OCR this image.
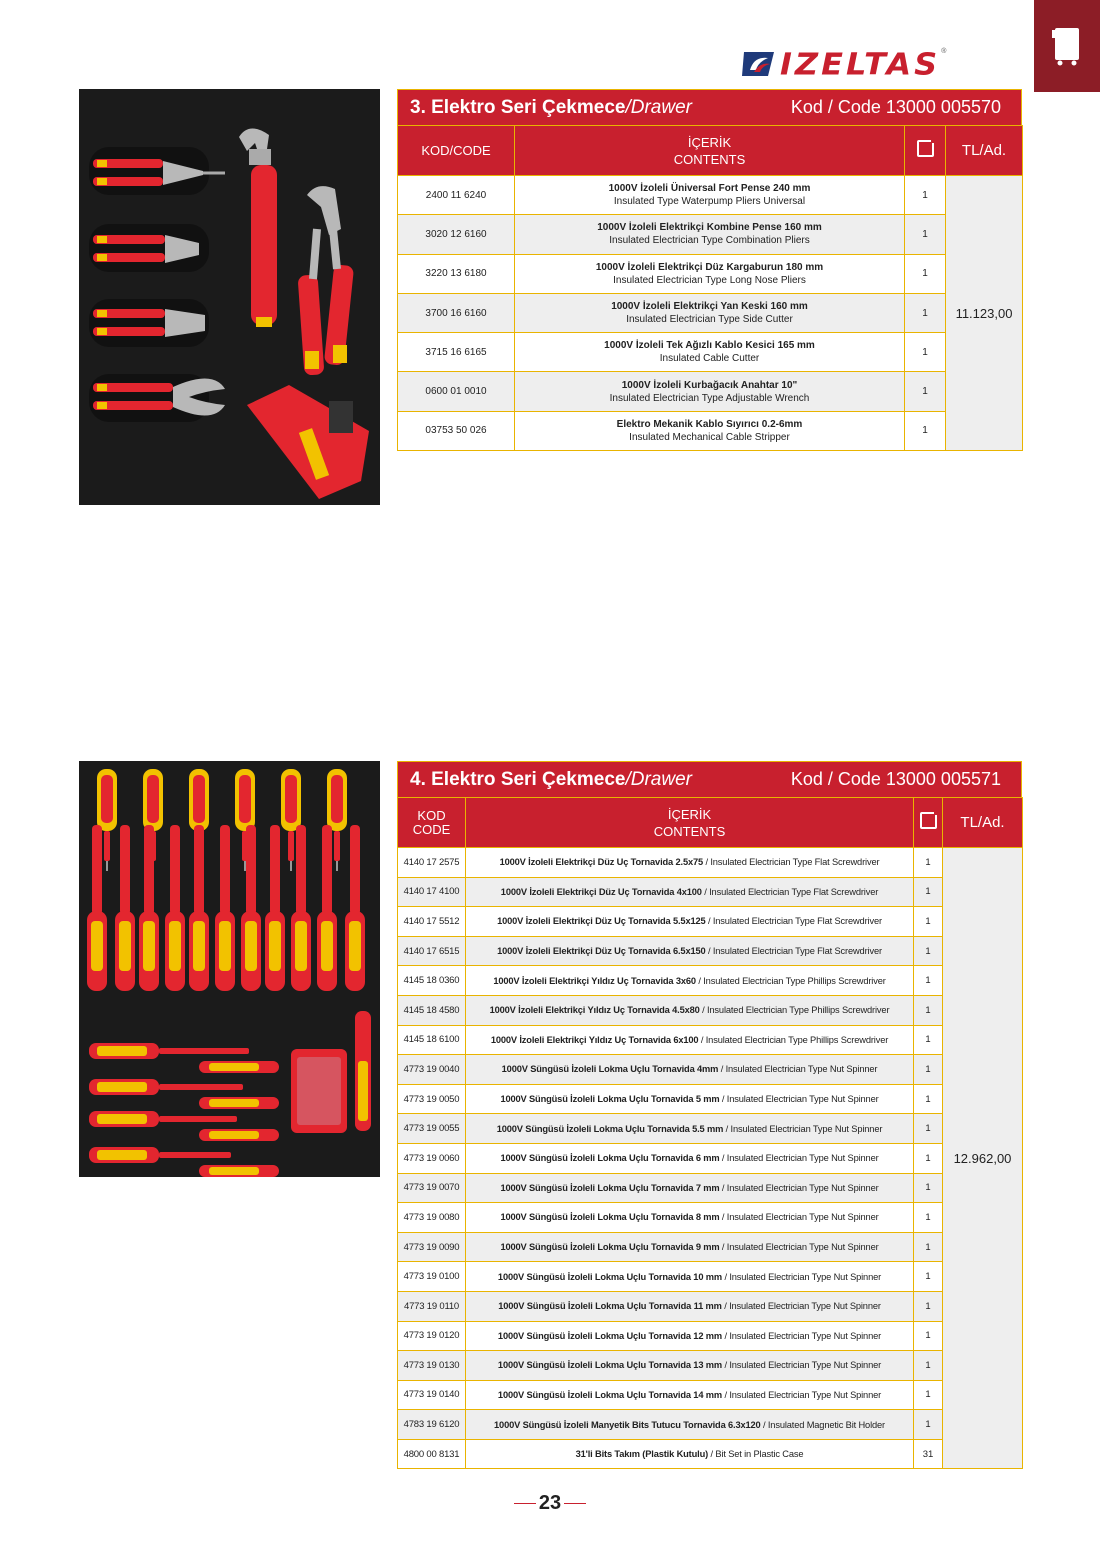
IZELTAS ®
3. Elektro Seri Çekmece/Drawer	Kod / Code 13000 005570
KOD/CODE	İÇERİK
CONTENTS		TL/Ad.
2400 11 6240	1000V İzoleli Üniversal Fort Pense 240 mm
Insulated Type Waterpump Pliers Universal	1	11.123,00
3020 12 6160	1000V İzoleli Elektrikçi Kombine Pense 160 mm
Insulated Electrician Type Combination Pliers	1	
3220 13 6180	1000V İzoleli Elektrikçi Düz Kargaburun 180 mm
Insulated Electrician Type Long Nose Pliers	1	
3700 16 6160	1000V İzoleli Elektrikçi Yan Keski 160 mm
Insulated Electrician Type Side Cutter	1	
3715 16 6165	1000V İzoleli Tek Ağızlı Kablo Kesici 165 mm
Insulated Cable Cutter	1	
0600 01 0010	1000V İzoleli Kurbağacık Anahtar 10"
Insulated Electrician Type Adjustable Wrench	1	
03753 50 026	Elektro Mekanik Kablo Sıyırıcı 0.2-6mm
Insulated Mechanical Cable Stripper	1	
4. Elektro Seri Çekmece/Drawer	Kod / Code 13000 005571
KOD
CODE	İÇERİK
CONTENTS		TL/Ad.
4140 17 2575	1000V İzoleli Elektrikçi Düz Uç Tornavida 2.5x75 / Insulated Electrician Type Flat Screwdriver	1	12.962,00
4140 17 4100	1000V İzoleli Elektrikçi Düz Uç Tornavida 4x100 / Insulated Electrician Type Flat Screwdriver	1	
4140 17 5512	1000V İzoleli Elektrikçi Düz Uç Tornavida 5.5x125 / Insulated Electrician Type Flat Screwdriver	1	
4140 17 6515	1000V İzoleli Elektrikçi Düz Uç Tornavida 6.5x150 / Insulated Electrician Type Flat Screwdriver	1	
4145 18 0360	1000V İzoleli Elektrikçi Yıldız Uç Tornavida 3x60 / Insulated Electrician Type Phillips Screwdriver	1	
4145 18 4580	1000V İzoleli Elektrikçi Yıldız Uç Tornavida 4.5x80 / Insulated Electrician Type Phillips Screwdriver	1	
4145 18 6100	1000V İzoleli Elektrikçi Yıldız Uç Tornavida 6x100 / Insulated Electrician Type Phillips Screwdriver	1	
4773 19 0040	1000V Süngüsü İzoleli Lokma Uçlu Tornavida 4mm / Insulated Electrician Type Nut Spinner	1	
4773 19 0050	1000V Süngüsü İzoleli Lokma Uçlu Tornavida 5 mm / Insulated Electrician Type Nut Spinner	1	
4773 19 0055	1000V Süngüsü İzoleli Lokma Uçlu Tornavida 5.5 mm / Insulated Electrician Type Nut Spinner	1	
4773 19 0060	1000V Süngüsü İzoleli Lokma Uçlu Tornavida 6 mm / Insulated Electrician Type Nut Spinner	1	
4773 19 0070	1000V Süngüsü İzoleli Lokma Uçlu Tornavida 7 mm / Insulated Electrician Type Nut Spinner	1	
4773 19 0080	1000V Süngüsü İzoleli Lokma Uçlu Tornavida 8 mm / Insulated Electrician Type Nut Spinner	1	
4773 19 0090	1000V Süngüsü İzoleli Lokma Uçlu Tornavida 9 mm / Insulated Electrician Type Nut Spinner	1	
4773 19 0100	1000V Süngüsü İzoleli Lokma Uçlu Tornavida 10 mm / Insulated Electrician Type Nut Spinner	1	
4773 19 0110	1000V Süngüsü İzoleli Lokma Uçlu Tornavida 11 mm / Insulated Electrician Type Nut Spinner	1	
4773 19 0120	1000V Süngüsü İzoleli Lokma Uçlu Tornavida 12 mm / Insulated Electrician Type Nut Spinner	1	
4773 19 0130	1000V Süngüsü İzoleli Lokma Uçlu Tornavida 13 mm / Insulated Electrician Type Nut Spinner	1	
4773 19 0140	1000V Süngüsü İzoleli Lokma Uçlu Tornavida 14 mm / Insulated Electrician Type Nut Spinner	1	
4783 19 6120	1000V Süngüsü İzoleli Manyetik Bits Tutucu Tornavida 6.3x120 / Insulated Magnetic Bit Holder	1	
4800 00 8131	31'li Bits Takım (Plastik Kutulu) / Bit Set in Plastic Case	31	
23
